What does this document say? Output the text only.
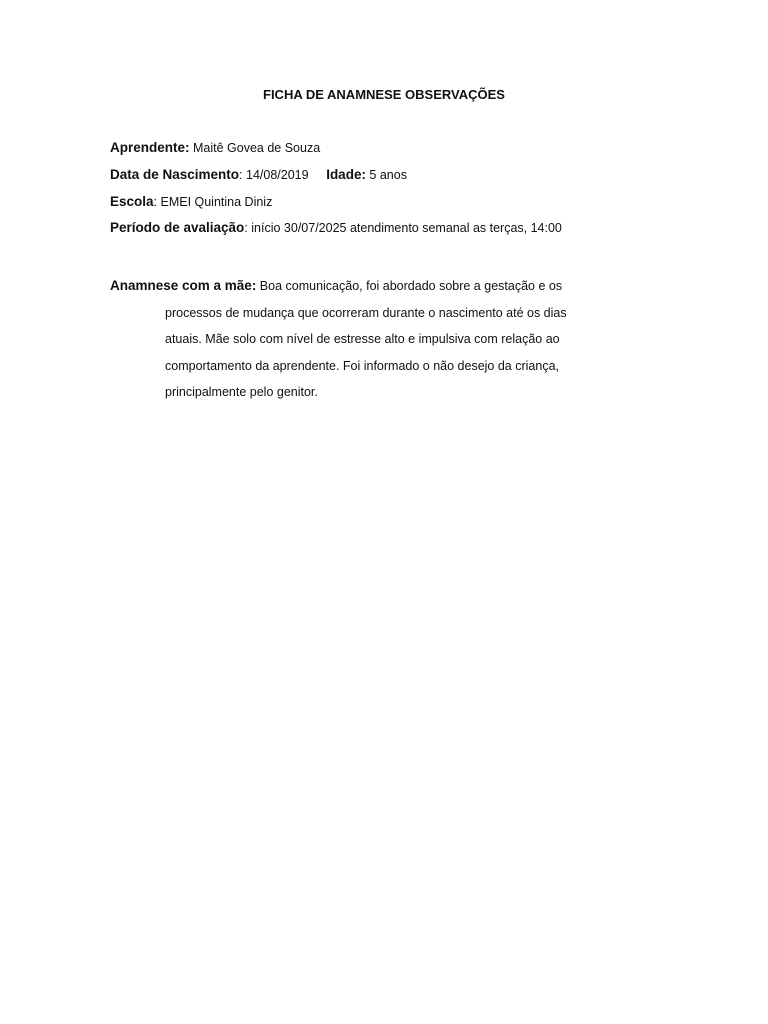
FICHA DE ANAMNESE OBSERVAÇÕES
Aprendente: Maitê Govea de Souza
Data de Nascimento: 14/08/2019 Idade: 5 anos
Escola: EMEI Quintina Diniz
Período de avaliação: início 30/07/2025 atendimento semanal as terças, 14:00
Anamnese com a mãe: Boa comunicação, foi abordado sobre a gestação e os
processos de mudança que ocorreram durante o nascimento até os dias
atuais. Mãe solo com nível de estresse alto e impulsiva com relação ao
comportamento da aprendente. Foi informado o não desejo da criança,
principalmente pelo genitor.
